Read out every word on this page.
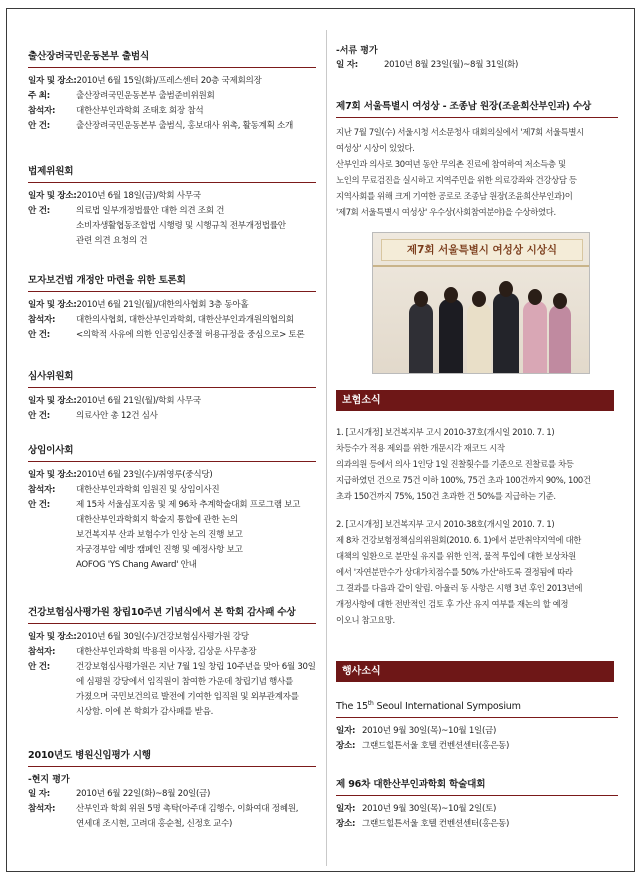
출산장려국민운동본부 출범식
일자 및 장소: 2010년 6월 15일(화)/프레스센터 20층 국제회의장
주 최:	출산장려국민운동본부 출범준비위원회
참석자:	대한산부인과학회 조태호 회장 참석
안 건:	출산장려국민운동본부 출범식, 홍보대사 위촉, 활동계획 소개
법제위원회
일자 및 장소: 2010년 6월 18일(금)/학회 사무국
안 건:	의료법 일부개정법률안 대한 의견 조회 건
소비자생활협동조합법 시행령 및 시행규칙 전부개정법률안
관련 의견 요청의 건
모자보건법 개정안 마련을 위한 토론회
일자 및 장소: 2010년 6월 21일(월)/대한의사협회 3층 동아홀
참석자:	대한의사협회, 대한산부인과학회, 대한산부인과개원의협의회
안 건:	<의학적 사유에 의한 인공임신중절 허용규정을 중심으로> 토론
심사위원회
일자 및 장소: 2010년 6월 21일(월)/학회 사무국
안 건:	의료사안 총 12건 심사
상임이사회
일자 및 장소: 2010년 6월 23일(수)/취영루(중식당)
참석자:	대한산부인과학회 임원진 및 상임이사진
안 건:	제 15차 서울심포지움 및 제 96차 추계학술대회 프로그램 보고
대한산부인과학회지 학술지 통합에 관한 논의
보건복지부 산과 보험수가 인상 논의 진행 보고
자궁경부암 예방 캠페인 진행 및 예정사항 보고
AOFOG 'YS Chang Award' 안내
건강보험심사평가원 창립10주년 기념식에서 본 학회 감사패 수상
일자 및 장소: 2010년 6월 30일(수)/건강보험심사평가원 강당
참석자:	대한산부인과학회 박용원 이사장, 김상운 사무총장
안 건:	건강보험심사평가원은 지난 7월 1일 창립 10주년을 맞아 6월 30일
에 심평원 강당에서 임직원이 참여한 가운데 창립기념 행사를
가졌으며 국민보건의료 발전에 기여한 임직원 및 외부관계자를
시상함. 이에 본 학회가 감사패를 받음.
2010년도 병원신임평가 시행
-현지 평가
일 자:	2010년 6월 22일(화)~8월 20일(금)
참석자:	산부인과 학회 위원 5명 촉탁(아주대 김행수, 이화여대 정혜원,
연세대 조시현, 고려대 홍순철, 신정호 교수)
-서류 평가
일 자:	2010년 8월 23일(월)~8월 31일(화)
제7회 서울특별시 여성상 - 조종남 원장(조윤희산부인과) 수상
지난 7월 7일(수) 서울시청 서소문청사 대회의실에서 '제7회 서울특별시
여성상' 시상이 있었다.
산부인과 의사로 30여년 동안 무의촌 진료에 참여하여 저소득층 및
노인의 무료검진을 실시하고 지역주민을 위한 의료강좌와 건강상담 등
지역사회를 위해 크게 기여한 공로로 조종남 원장(조윤희산부인과)이
'제7회 서울특별시 여성상' 우수상(사회참여분야)을 수상하였다.
제7회 서울특별시 여성상 시상식
보험소식
1. [고시개정] 보건복지부 고시 2010-37호(개시일 2010. 7. 1)
차등수가 적용 제외를 위한 개문시각 재코드 시작
의과의원 등에서 의사 1인당 1일 진찰횟수를 기준으로 진찰료를 차등
지급하였던 건으로 75건 이하 100%, 75건 초과 100건까지 90%, 100건
초과 150건까지 75%, 150건 초과한 건 50%를 지급하는 기준.
2. [고시개정] 보건복지부 고시 2010-38호(개시일 2010. 7. 1)
제 8차 건강보험정책심의위원회(2010. 6. 1)에서 분만취약지역에 대한
대책의 일환으로 분만실 유지를 위한 인적, 물적 투입에 대한 보상차원
에서 '자연분만수가 상대가치점수를 50% 가산'하도록 결정됨에 따라
그 결과를 다음과 같이 알림. 아울러 동 사항은 시행 3년 후인 2013년에
개정사항에 대한 전반적인 검토 후 가산 유지 여부를 재논의 할 예정
이오니 참고요망.
행사소식
The 15th Seoul International Symposium
일자: 2010년 9월 30일(목)~10월 1일(금)
장소: 그랜드힐튼서울 호텔 컨벤션센터(홍은동)
제 96차 대한산부인과학회 학술대회
일자: 2010년 9월 30일(목)~10월 2일(토)
장소: 그랜드힐튼서울 호텔 컨벤션센터(홍은동)
